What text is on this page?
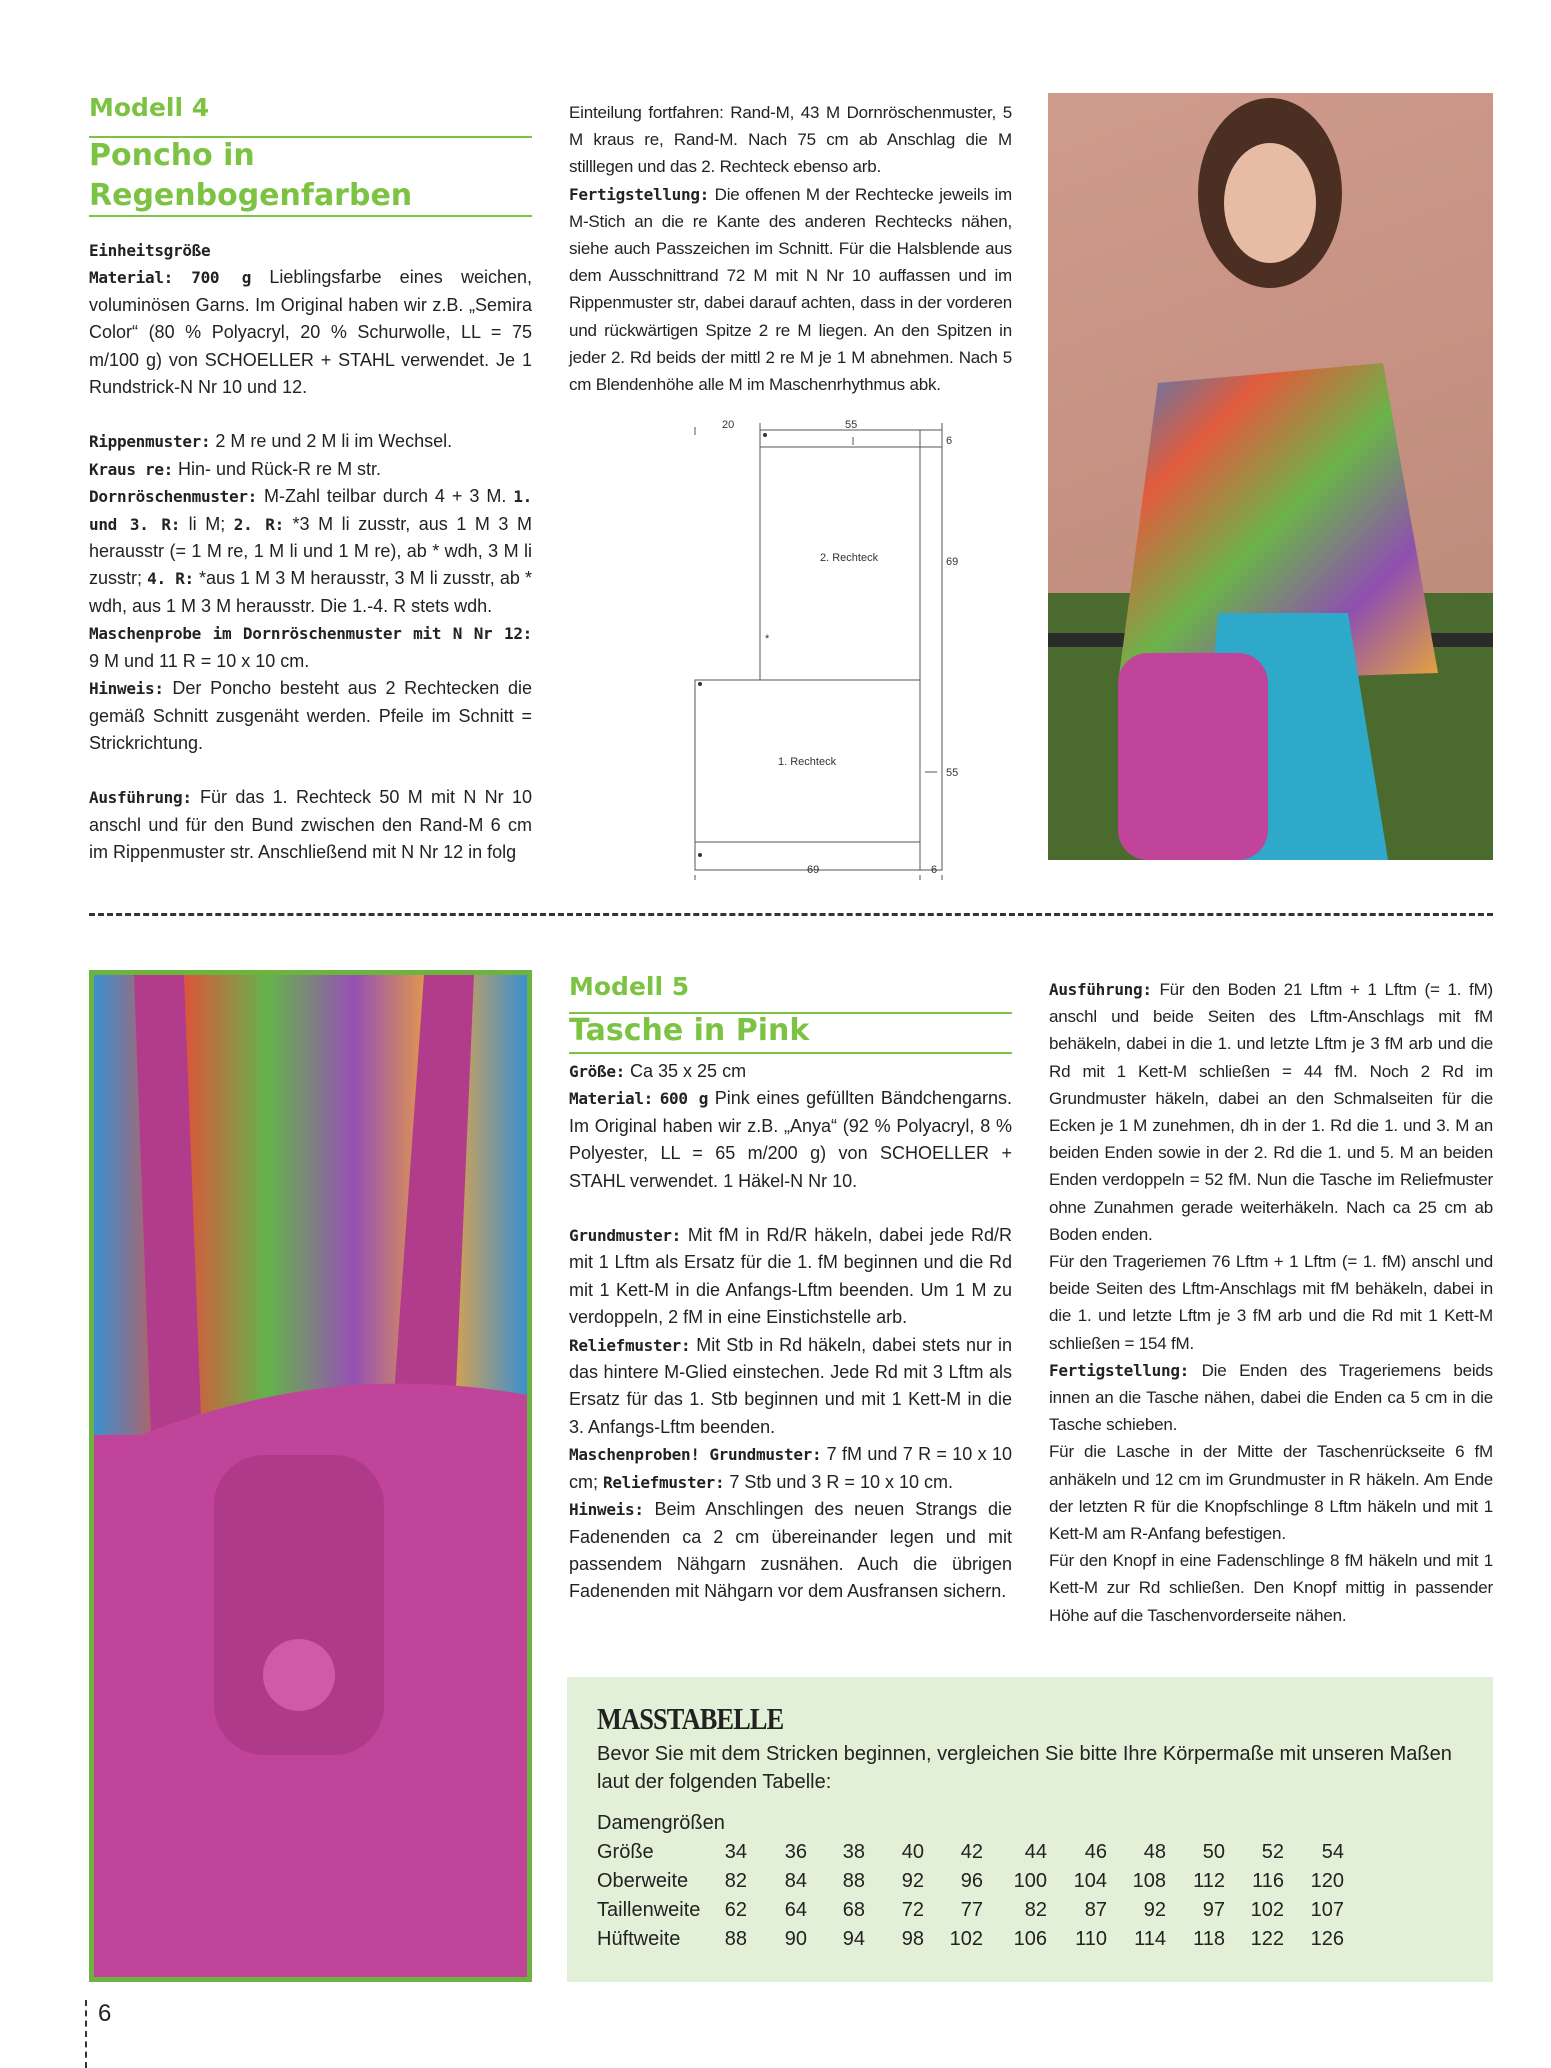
Modell 4
Poncho in
Regenbogenfarben

Einheitsgröße

Material: 700 g Lieblingsfarbe eines weichen, voluminösen Garns. Im Original haben wir z.B. „Semira Color“ (80 % Polyacryl, 20 % Schurwolle, LL = 75 m/100 g) von SCHOELLER + STAHL verwendet. Je 1 Rundstrick-N Nr 10 und 12.

Rippenmuster: 2 M re und 2 M li im Wechsel.

Kraus re: Hin- und Rück-R re M str.

Dornröschenmuster: M-Zahl teilbar durch 4 + 3 M. 1. und 3. R: li M; 2. R: *3 M li zusstr, aus 1 M 3 M herausstr (= 1 M re, 1 M li und 1 M re), ab * wdh, 3 M li zusstr; 4. R: *aus 1 M 3 M herausstr, 3 M li zusstr, ab * wdh, aus 1 M 3 M herausstr. Die 1.-4. R stets wdh.

Maschenprobe im Dornröschenmuster mit N Nr 12: 9 M und 11 R = 10 x 10 cm.

Hinweis: Der Poncho besteht aus 2 Rechtecken die gemäß Schnitt zusgenäht werden. Pfeile im Schnitt = Strickrichtung.

Ausführung: Für das 1. Rechteck 50 M mit N Nr 10 anschl und für den Bund zwischen den Rand-M 6 cm im Rippenmuster str. Anschließend mit N Nr 12 in folg

Einteilung fortfahren: Rand-M, 43 M Dornröschenmuster, 5 M kraus re, Rand-M. Nach 75 cm ab Anschlag die M stilllegen und das 2. Rechteck ebenso arb.

Fertigstellung: Die offenen M der Rechtecke jeweils im M-Stich an die re Kante des anderen Rechtecks nähen, siehe auch Passzeichen im Schnitt. Für die Halsblende aus dem Ausschnittrand 72 M mit N Nr 10 auffassen und im Rippenmuster str, dabei darauf achten, dass in der vorderen und rückwärtigen Spitze 2 re M liegen. An den Spitzen in jeder 2. Rd beids der mittl 2 re M je 1 M abnehmen. Nach 5 cm Blendenhöhe alle M im Maschenrhythmus abk.

20	55
6
69
55
69	6
2. Rechteck
1. Rechteck
*
Modell 5
Tasche in Pink

Größe: Ca 35 x 25 cm

Material: 600 g Pink eines gefüllten Bändchengarns. Im Original haben wir z.B. „Anya“ (92 % Polyacryl, 8 % Polyester, LL = 65 m/200 g) von SCHOELLER + STAHL verwendet. 1 Häkel-N Nr 10.

Grundmuster: Mit fM in Rd/R häkeln, dabei jede Rd/R mit 1 Lftm als Ersatz für die 1. fM beginnen und die Rd mit 1 Kett-M in die Anfangs-Lftm beenden. Um 1 M zu verdoppeln, 2 fM in eine Einstichstelle arb.

Reliefmuster: Mit Stb in Rd häkeln, dabei stets nur in das hintere M-Glied einstechen. Jede Rd mit 3 Lftm als Ersatz für das 1. Stb beginnen und mit 1 Kett-M in die 3. Anfangs-Lftm beenden.

Maschenproben! Grundmuster: 7 fM und 7 R = 10 x 10 cm; Reliefmuster: 7 Stb und 3 R = 10 x 10 cm.

Hinweis: Beim Anschlingen des neuen Strangs die Fadenenden ca 2 cm übereinander legen und mit passendem Nähgarn zusnähen. Auch die übrigen Fadenenden mit Nähgarn vor dem Ausfransen sichern.

Ausführung: Für den Boden 21 Lftm + 1 Lftm (= 1. fM) anschl und beide Seiten des Lftm-Anschlags mit fM behäkeln, dabei in die 1. und letzte Lftm je 3 fM arb und die Rd mit 1 Kett-M schließen = 44 fM. Noch 2 Rd im Grundmuster häkeln, dabei an den Schmalseiten für die Ecken je 1 M zunehmen, dh in der 1. Rd die 1. und 3. M an beiden Enden sowie in der 2. Rd die 1. und 5. M an beiden Enden verdoppeln = 52 fM. Nun die Tasche im Reliefmuster ohne Zunahmen gerade weiterhäkeln. Nach ca 25 cm ab Boden enden.

Für den Trageriemen 76 Lftm + 1 Lftm (= 1. fM) anschl und beide Seiten des Lftm-Anschlags mit fM behäkeln, dabei in die 1. und letzte Lftm je 3 fM arb und die Rd mit 1 Kett-M schließen = 154 fM.

Fertigstellung: Die Enden des Trageriemens beids innen an die Tasche nähen, dabei die Enden ca 5 cm in die Tasche schieben.

Für die Lasche in der Mitte der Taschenrückseite 6 fM anhäkeln und 12 cm im Grundmuster in R häkeln. Am Ende der letzten R für die Knopfschlinge 8 Lftm häkeln und mit 1 Kett-M am R-Anfang befestigen.

Für den Knopf in eine Fadenschlinge 8 fM häkeln und mit 1 Kett-M zur Rd schließen. Den Knopf mittig in passender Höhe auf die Taschenvorderseite nähen.

MASSTABELLE
Bevor Sie mit dem Stricken beginnen, vergleichen Sie bitte Ihre Körpermaße mit unseren Maßen laut der folgenden Tabelle:
Damengrößen
Größe	34	36	38	40	42	44	46	48	50	52	54
Oberweite	82	84	88	92	96	100	104	108	112	116	120
Taillenweite	62	64	68	72	77	82	87	92	97	102	107
Hüftweite	88	90	94	98	102	106	110	114	118	122	126
6
